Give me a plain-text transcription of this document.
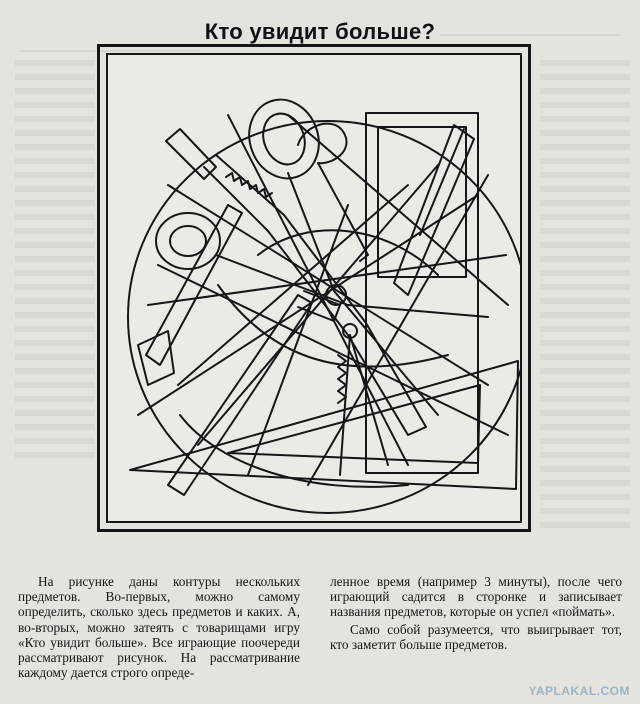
Кто увидит больше?
На рисунке даны контуры нескольких предметов. Во-первых, можно самому определить, сколько здесь предметов и каких. А, во-вторых, можно затеять с товарищами игру «Кто увидит больше». Все играющие поочереди рассматривают рисунок. На рассматривание каждому дается строго опреде-

ленное время (например 3 минуты), после чего играющий садится в сторонке и записывает названия предметов, которые он успел «поймать».

Само собой разумеется, что выигрывает тот, кто заметит больше предметов.

YAPLAKAL.COM
